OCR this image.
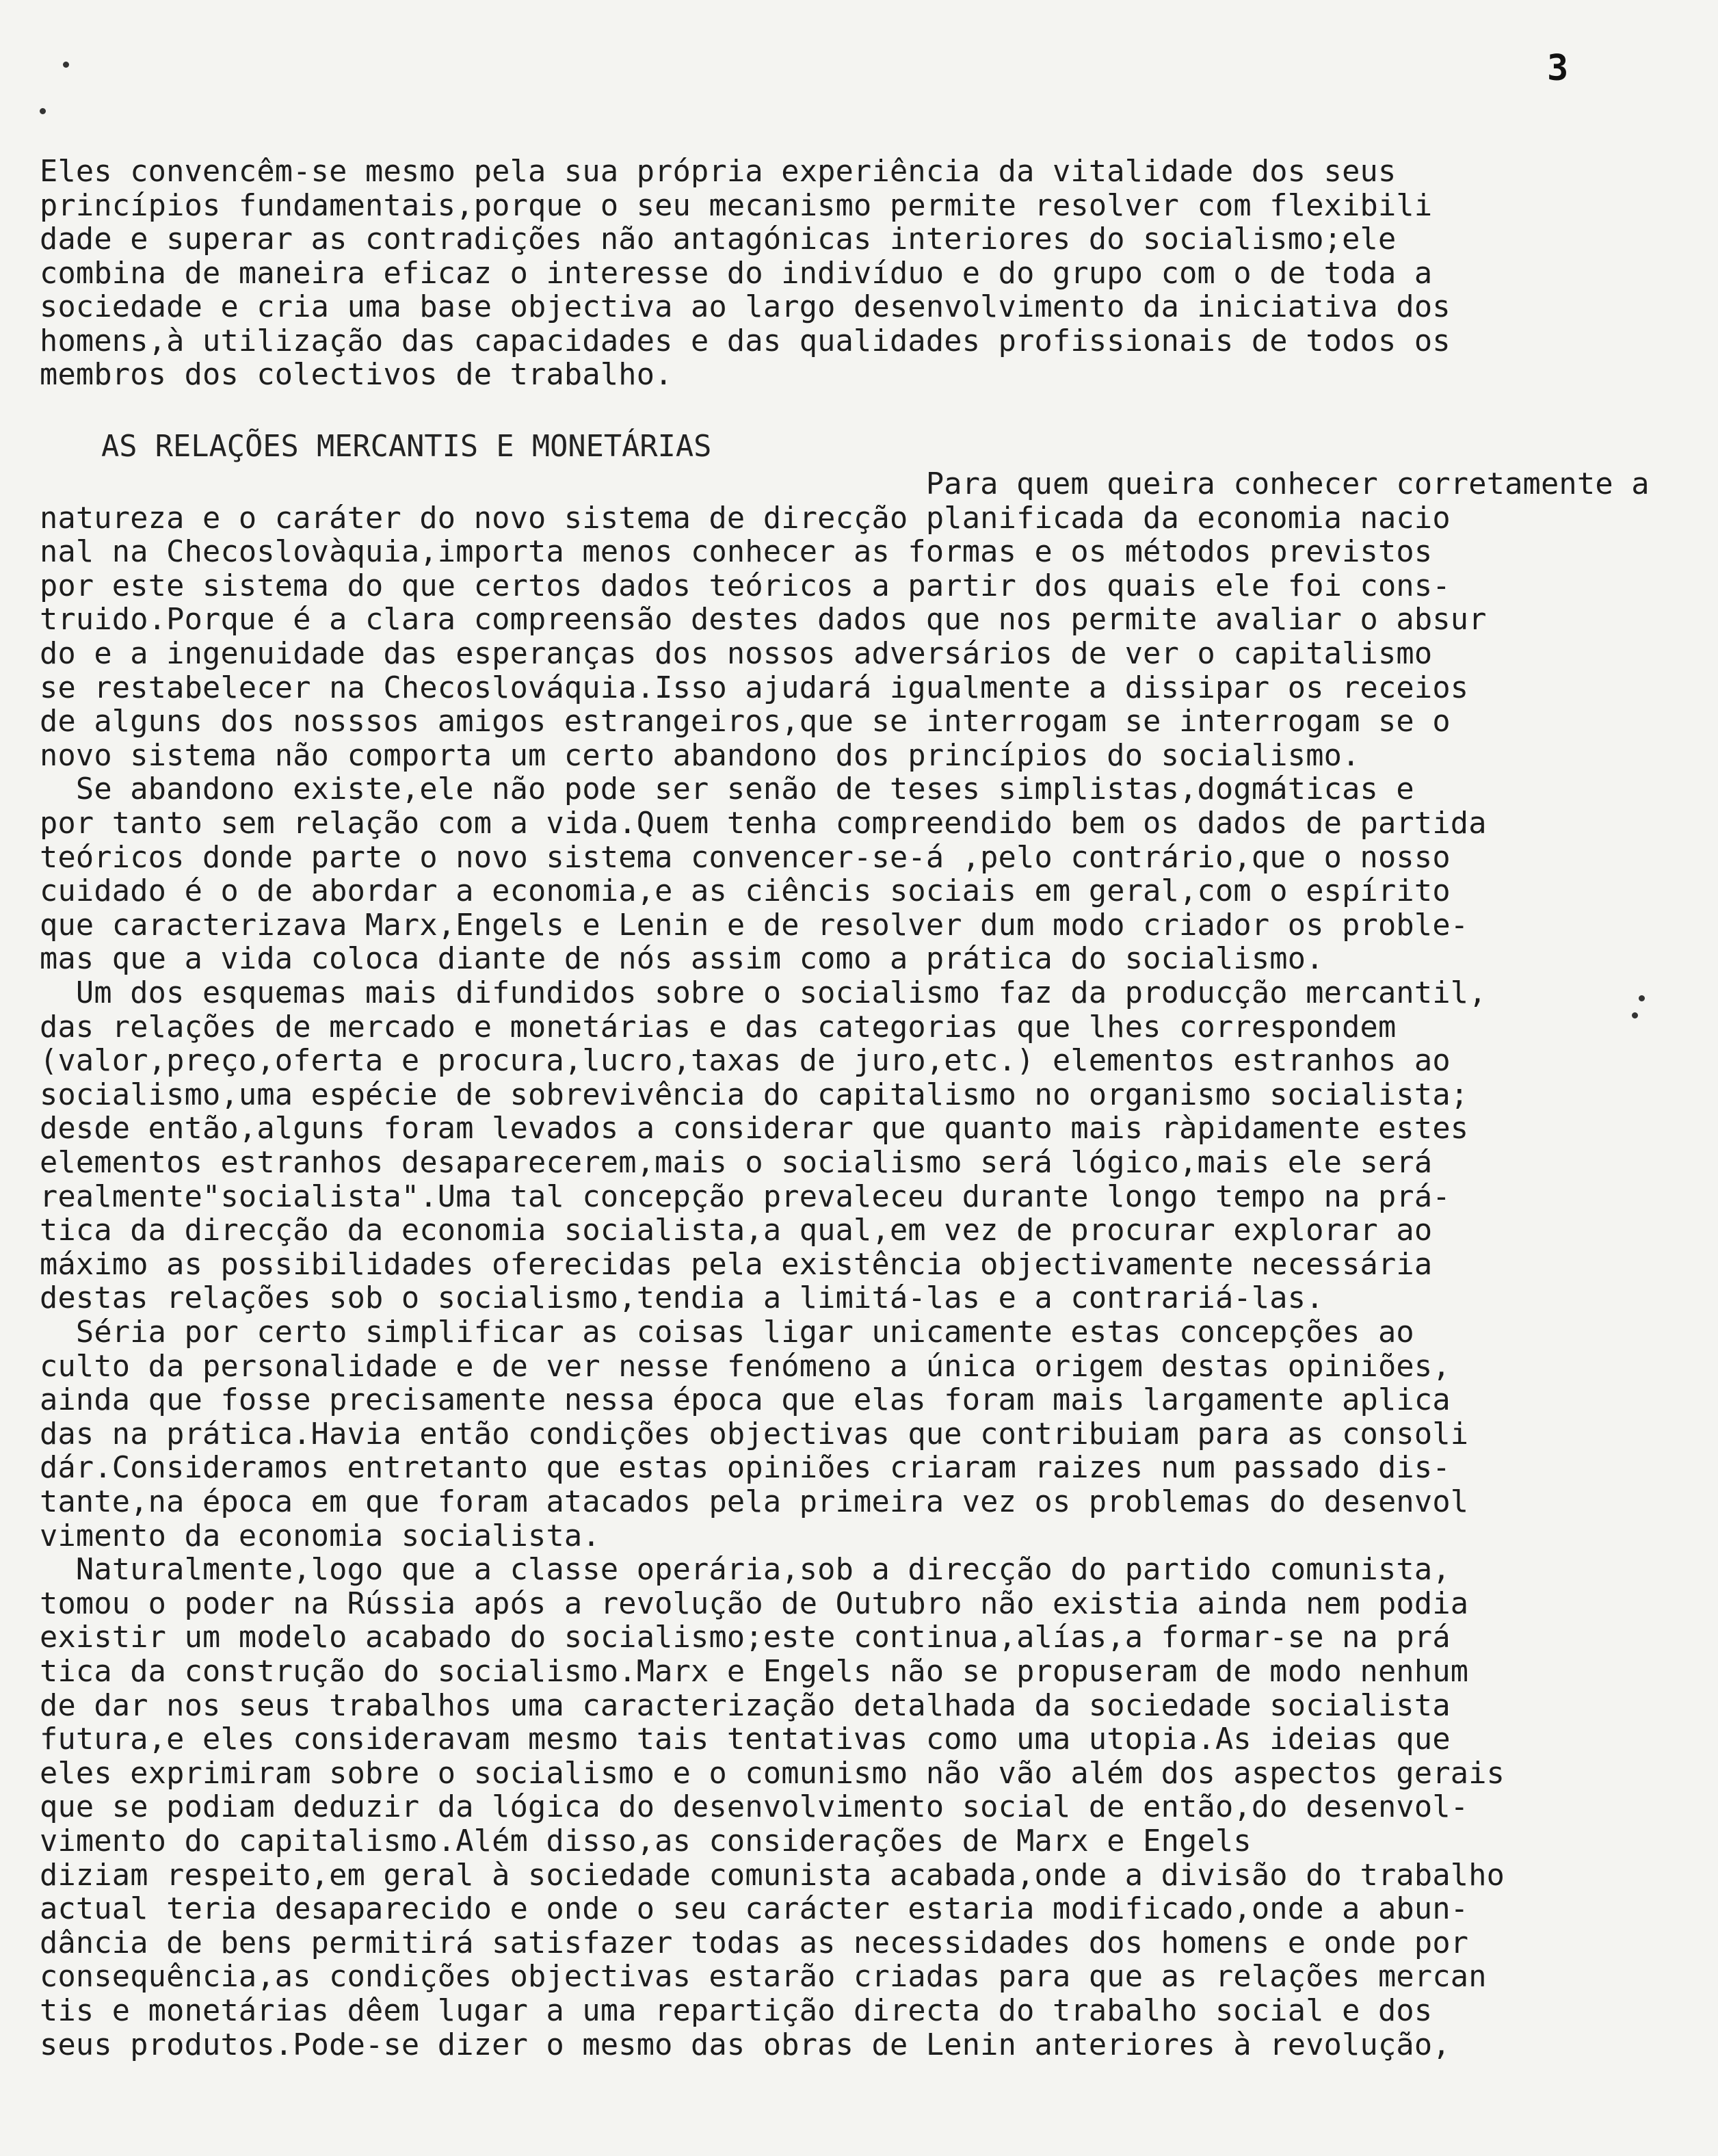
3
AS RELAÇÕES MERCANTIS E MONETÁRIAS
Eles convencêm-se mesmo pela sua própria experiência da vitalidade dos seus
princípios fundamentais,porque o seu mecanismo permite resolver com flexibili
dade e superar as contradições não antagónicas interiores do socialismo;ele
combina de maneira eficaz o interesse do indivíduo e do grupo com o de toda a
sociedade e cria uma base objectiva ao largo desenvolvimento da iniciativa dos
homens,à utilização das capacidades e das qualidades profissionais de todos os
membros dos colectivos de trabalho.
Para quem queira conhecer corretamente a
natureza e o caráter do novo sistema de direcção planificada da economia nacio
nal na Checoslovàquia,importa menos conhecer as formas e os métodos previstos
por este sistema do que certos dados teóricos a partir dos quais ele foi cons-
truido.Porque é a clara compreensão destes dados que nos permite avaliar o absur
do e a ingenuidade das esperanças dos nossos adversários de ver o capitalismo
se restabelecer na Checoslováquia.Isso ajudará igualmente a dissipar os receios
de alguns dos nosssos amigos estrangeiros,que se interrogam se interrogam se o
novo sistema não comporta um certo abandono dos princípios do socialismo.
Se abandono existe,ele não pode ser senão de teses simplistas,dogmáticas e
por tanto sem relação com a vida.Quem tenha compreendido bem os dados de partida
teóricos donde parte o novo sistema convencer-se-á ,pelo contrário,que o nosso
cuidado é o de abordar a economia,e as ciêncis sociais em geral,com o espírito
que caracterizava Marx,Engels e Lenin e de resolver dum modo criador os proble-
mas que a vida coloca diante de nós assim como a prática do socialismo.
Um dos esquemas mais difundidos sobre o socialismo faz da producção mercantil,
das relações de mercado e monetárias e das categorias que lhes correspondem
(valor,preço,oferta e procura,lucro,taxas de juro,etc.) elementos estranhos ao
socialismo,uma espécie de sobrevivência do capitalismo no organismo socialista;
desde então,alguns foram levados a considerar que quanto mais ràpidamente estes
elementos estranhos desaparecerem,mais o socialismo será lógico,mais ele será
realmente"socialista".Uma tal concepção prevaleceu durante longo tempo na prá-
tica da direcção da economia socialista,a qual,em vez de procurar explorar ao
máximo as possibilidades oferecidas pela existência objectivamente necessária
destas relações sob o socialismo,tendia a limitá-las e a contrariá-las.
Séria por certo simplificar as coisas ligar unicamente estas concepções ao
culto da personalidade e de ver nesse fenómeno a única origem destas opiniões,
ainda que fosse precisamente nessa época que elas foram mais largamente aplica
das na prática.Havia então condições objectivas que contribuiam para as consoli
dár.Consideramos entretanto que estas opiniões criaram raizes num passado dis-
tante,na época em que foram atacados pela primeira vez os problemas do desenvol
vimento da economia socialista.
Naturalmente,logo que a classe operária,sob a direcção do partido comunista,
tomou o poder na Rússia após a revolução de Outubro não existia ainda nem podia
existir um modelo acabado do socialismo;este continua,alías,a formar-se na prá
tica da construção do socialismo.Marx e Engels não se propuseram de modo nenhum
de dar nos seus trabalhos uma caracterização detalhada da sociedade socialista
futura,e eles consideravam mesmo tais tentativas como uma utopia.As ideias que
eles exprimiram sobre o socialismo e o comunismo não vão além dos aspectos gerais
que se podiam deduzir da lógica do desenvolvimento social de então,do desenvol-
vimento do capitalismo.Além disso,as considerações de Marx e Engels
diziam respeito,em geral à sociedade comunista acabada,onde a divisão do trabalho
actual teria desaparecido e onde o seu carácter estaria modificado,onde a abun-
dância de bens permitirá satisfazer todas as necessidades dos homens e onde por
consequência,as condições objectivas estarão criadas para que as relações mercan
tis e monetárias dêem lugar a uma repartição directa do trabalho social e dos
seus produtos.Pode-se dizer o mesmo das obras de Lenin anteriores à revolução,
